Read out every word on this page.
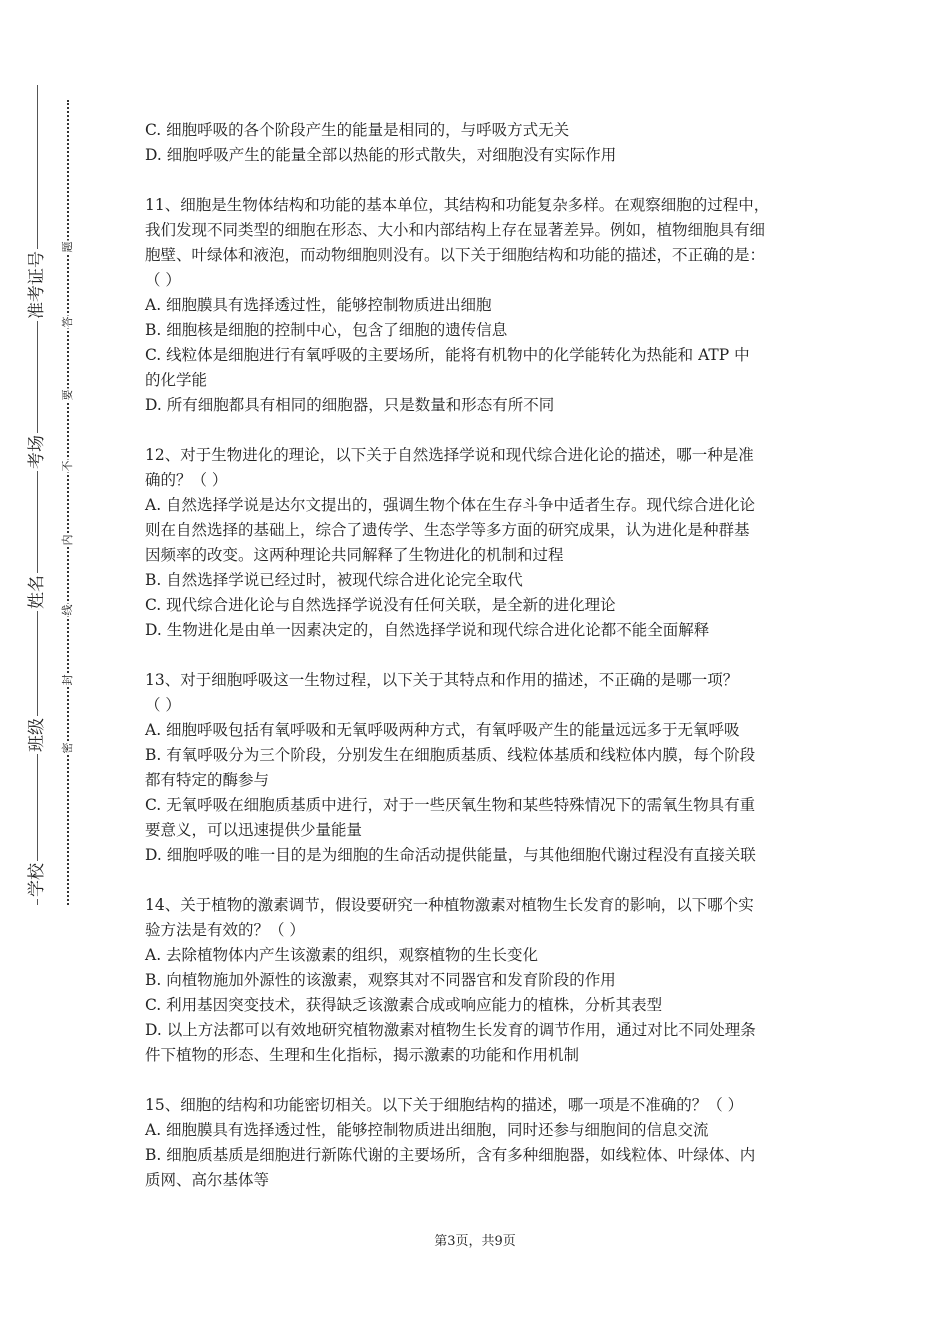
准考证号
考场
姓名
班级
学校
题
答
要
不
内
线
封
密
C. 细胞呼吸的各个阶段产生的能量是相同的，与呼吸方式无关
D. 细胞呼吸产生的能量全部以热能的形式散失，对细胞没有实际作用
11、细胞是生物体结构和功能的基本单位，其结构和功能复杂多样。在观察细胞的过程中，
我们发现不同类型的细胞在形态、大小和内部结构上存在显著差异。例如，植物细胞具有细
胞壁、叶绿体和液泡，而动物细胞则没有。以下关于细胞结构和功能的描述，不正确的是：
（ ）
A. 细胞膜具有选择透过性，能够控制物质进出细胞
B. 细胞核是细胞的控制中心，包含了细胞的遗传信息
C. 线粒体是细胞进行有氧呼吸的主要场所，能将有机物中的化学能转化为热能和 ATP 中
的化学能
D. 所有细胞都具有相同的细胞器，只是数量和形态有所不同
12、对于生物进化的理论，以下关于自然选择学说和现代综合进化论的描述，哪一种是准
确的？（ ）
A. 自然选择学说是达尔文提出的，强调生物个体在生存斗争中适者生存。现代综合进化论
则在自然选择的基础上，综合了遗传学、生态学等多方面的研究成果，认为进化是种群基
因频率的改变。这两种理论共同解释了生物进化的机制和过程
B. 自然选择学说已经过时，被现代综合进化论完全取代
C. 现代综合进化论与自然选择学说没有任何关联，是全新的进化理论
D. 生物进化是由单一因素决定的，自然选择学说和现代综合进化论都不能全面解释
13、对于细胞呼吸这一生物过程，以下关于其特点和作用的描述，不正确的是哪一项？
（ ）
A. 细胞呼吸包括有氧呼吸和无氧呼吸两种方式，有氧呼吸产生的能量远远多于无氧呼吸
B. 有氧呼吸分为三个阶段，分别发生在细胞质基质、线粒体基质和线粒体内膜，每个阶段
都有特定的酶参与
C. 无氧呼吸在细胞质基质中进行，对于一些厌氧生物和某些特殊情况下的需氧生物具有重
要意义，可以迅速提供少量能量
D. 细胞呼吸的唯一目的是为细胞的生命活动提供能量，与其他细胞代谢过程没有直接关联
14、关于植物的激素调节，假设要研究一种植物激素对植物生长发育的影响，以下哪个实
验方法是有效的？（ ）
A. 去除植物体内产生该激素的组织，观察植物的生长变化
B. 向植物施加外源性的该激素，观察其对不同器官和发育阶段的作用
C. 利用基因突变技术，获得缺乏该激素合成或响应能力的植株，分析其表型
D. 以上方法都可以有效地研究植物激素对植物生长发育的调节作用，通过对比不同处理条
件下植物的形态、生理和生化指标，揭示激素的功能和作用机制
15、细胞的结构和功能密切相关。以下关于细胞结构的描述，哪一项是不准确的？（ ）
A. 细胞膜具有选择透过性，能够控制物质进出细胞，同时还参与细胞间的信息交流
B. 细胞质基质是细胞进行新陈代谢的主要场所，含有多种细胞器，如线粒体、叶绿体、内
质网、高尔基体等
第3页，共9页
